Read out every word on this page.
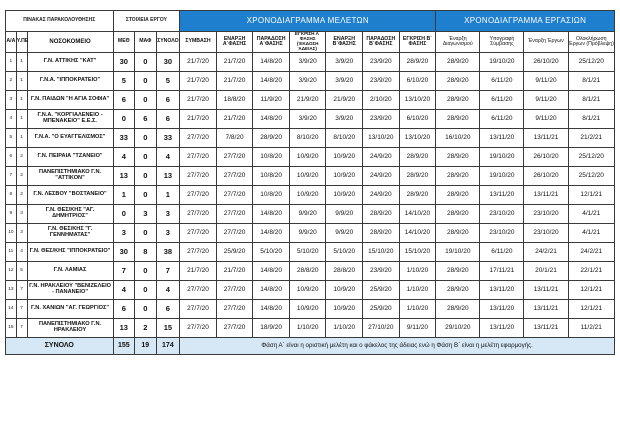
ΠΙΝΑΚΑΣ ΠΑΡΑΚΟΛΟΥΘΗΣΗΣ			ΣΤΟΙΧΕΙΑ ΕΡΓΟΥ			ΧΡΟΝΟΔΙΑΓΡΑΜΜΑ ΜΕΛΕΤΩΝ							ΧΡΟΝΟΔΙΑΓΡΑΜΜΑ ΕΡΓΑΣΙΩΝ			
Α/Α	Υ.ΠΕ	ΝΟΣΟΚΟΜΕΙΟ	ΜΕΘ	ΜΑΦ	ΣΥΝΟΛΟ	ΣΥΜΒΑΣΗ	ΕΝΑΡΞΗ Α΄ΦΑΣΗΣ	ΠΑΡΑΔΟΣΗ Α΄ΦΑΣΗΣ	ΕΓΚΡΙΣΗ Α΄ ΦΑΣΗΣ (ΈΚΔΟΣΗ ΆΔΕΙΑΣ)	ΕΝΑΡΞΗ Β΄ΦΑΣΗΣ	ΠΑΡΑΔΟΣΗ Β΄ΦΑΣΗΣ	ΕΓΚΡΙΣΗ Β΄ ΦΑΣΗΣ	Έναρξη Διαγωνισμού	Υπογραφή Σύμβασης	Έναρξη Έργων	Ολοκλήρωση Έργων (Πρόβλεψη)
1	1	Γ.Ν. ΑΤΤΙΚΗΣ "ΚΑΤ"	30	0	30	21/7/20	21/7/20	14/8/20	3/9/20	3/9/20	23/9/20	28/9/20	28/9/20	19/10/20	26/10/20	25/12/20
2	1	Γ.Ν.Α. "ΙΠΠΟΚΡΑΤΕΙΟ"	5	0	5	21/7/20	21/7/20	14/8/20	3/9/20	3/9/20	23/9/20	6/10/20	28/9/20	6/11/20	9/11/20	8/1/21
3	1	Γ.Ν. ΠΑΙΔΩΝ "Η ΑΓΙΑ ΣΟΦΙΑ"	6	0	6	21/7/20	18/8/20	11/9/20	21/9/20	21/9/20	2/10/20	13/10/20	28/9/20	6/11/20	9/11/20	8/1/21
4	1	Γ.Ν.Α. "ΚΟΡΓΙΑΛΕΝΕΙΟ - ΜΠΕΝΑΚΕΙΟ" Ε.Ε.Σ.	0	6	6	21/7/20	21/7/20	14/8/20	3/9/20	3/9/20	23/9/20	6/10/20	28/9/20	6/11/20	9/11/20	8/1/21
5	1	Γ.Ν.Α. "Ο ΕΥΑΓΓΕΛΙΣΜΟΣ"	33	0	33	27/7/20	7/8/20	28/9/20	8/10/20	8/10/20	13/10/20	13/10/20	16/10/20	13/11/20	13/11/21	21/2/21
6	2	Γ.Ν. ΠΕΙΡΑΙΑ "ΤΖΑΝΕΙΟ"	4	0	4	27/7/20	27/7/20	10/8/20	10/9/20	10/9/20	24/9/20	28/9/20	28/9/20	19/10/20	26/10/20	25/12/20
7	2	ΠΑΝΕΠΙΣΤΗΜΙΑΚΟ Γ.Ν. "ΑΤΤΙΚΟΝ"	13	0	13	27/7/20	27/7/20	10/8/20	10/9/20	10/9/20	24/9/20	28/9/20	28/9/20	19/10/20	26/10/20	25/12/20
8	2	Γ.Ν. ΛΕΣΒΟΥ "ΒΟΣΤΑΝΕΙΟ"	1	0	1	27/7/20	27/7/20	10/8/20	10/9/20	10/9/20	24/9/20	28/9/20	28/9/20	13/11/20	13/11/21	12/1/21
9	3	Γ.Ν. ΘΕΣ/ΚΗΣ "ΑΓ. ΔΗΜΗΤΡΙΟΣ"	0	3	3	27/7/20	27/7/20	14/8/20	9/9/20	9/9/20	28/9/20	14/10/20	28/9/20	23/10/20	23/10/20	4/1/21
10	3	Γ.Ν. ΘΕΣ/ΚΗΣ "Γ. ΓΕΝΝΗΜΑΤΑΣ"	3	0	3	27/7/20	27/7/20	14/8/20	9/9/20	9/9/20	28/9/20	14/10/20	28/9/20	23/10/20	23/10/20	4/1/21
11	4	Γ.Ν. ΘΕΣ/ΚΗΣ "ΙΠΠΟΚΡΑΤΕΙΟ"	30	8	38	27/7/20	25/9/20	5/10/20	5/10/20	5/10/20	15/10/20	15/10/20	19/10/20	6/11/20	24/2/21	24/2/21
12	5	Γ.Ν. ΛΑΜΙΑΣ	7	0	7	21/7/20	21/7/20	14/8/20	28/8/20	28/8/20	23/9/20	1/10/20	28/9/20	17/11/21	20/1/21	22/1/21
13	7	Γ.Ν. ΗΡΑΚΛΕΙΟΥ "ΒΕΝΙΖΕΛΕΙΟ - ΠΑΝΑΝΕΙΟ"	4	0	4	27/7/20	27/7/20	14/8/20	10/9/20	10/9/20	25/9/20	1/10/20	28/9/20	13/11/20	13/11/21	12/1/21
14	7	Γ.Ν. ΧΑΝΙΩΝ "ΑΓ. ΓΕΩΡΓΙΟΣ"	6	0	6	27/7/20	27/7/20	14/8/20	10/9/20	10/9/20	25/9/20	1/10/20	28/9/20	13/11/20	13/11/21	12/1/21
15	7	ΠΑΝΕΠΙΣΤΗΜΙΑΚΟ Γ.Ν. ΗΡΑΚΛΕΙΟΥ	13	2	15	27/7/20	27/7/20	18/9/20	1/10/20	1/10/20	27/10/20	9/11/20	29/10/20	13/11/20	13/11/21	11/2/21
ΣΥΝΟΛΟ			155	19	174	Φάση Α΄ είναι η οριστική μελέτη και ο φάκελος της άδειας ενώ η Φάση Β΄ είναι η μελέτη εφαρμογής.										
